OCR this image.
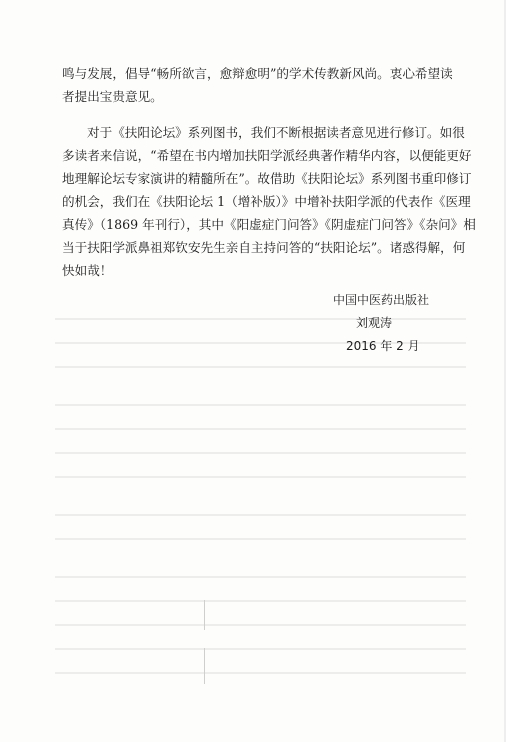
鸣与发展，倡导“畅所欲言，愈辩愈明”的学术传教新风尚。衷心希望读
者提出宝贵意见。
对于《扶阳论坛》系列图书，我们不断根据读者意见进行修订。如很
多读者来信说，“希望在书内增加扶阳学派经典著作精华内容，以便能更好
地理解论坛专家演讲的精髓所在”。故借助《扶阳论坛》系列图书重印修订
的机会，我们在《扶阳论坛 1（增补版）》中增补扶阳学派的代表作《医理
真传》（1869 年刊行），其中《阳虚症门问答》《阴虚症门问答》《杂问》相
当于扶阳学派鼻祖郑钦安先生亲自主持问答的“扶阳论坛”。诸惑得解，何
快如哉！
中国中医药出版社
刘观涛
2016 年 2 月
